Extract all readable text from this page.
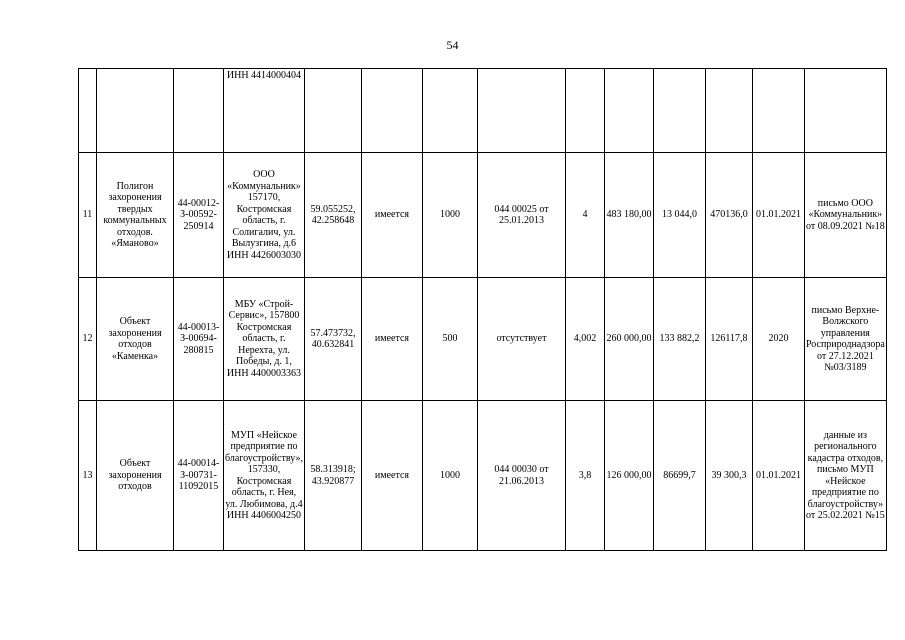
54
			ИНН 4414000404										
11	Полигон захоронения твердых коммунальных отходов. «Ямановo»	44-00012-З-00592-250914	ООО «Коммунальник» 157170, Костромская область, г. Солигалич, ул. Вылузгина, д.6 ИНН 4426003030	59.055252, 42.258648	имеется	1000	044 00025 от 25.01.2013	4	483 180,00	13 044,0	470136,0	01.01.2021	письмо ООО «Коммунальник» от 08.09.2021 №18
12	Объект захоронения отходов «Каменка»	44-00013-З-00694-280815	МБУ «Строй-Сервис», 157800 Костромская область, г. Нерехта, ул. Победы, д. 1, ИНН 4400003363	57.473732, 40.632841	имеется	500	отсутствует	4,002	260 000,00	133 882,2	126117,8	2020	письмо Верхне-Волжского управления Росприроднадзора от 27.12.2021 №03/3189
13	Объект захоронения отходов	44-00014-З-00731-11092015	МУП «Нейское предприятие по благоустройству», 157330, Костромская область, г. Нея, ул. Любимова, д.4 ИНН 4406004250	58.313918; 43.920877	имеется	1000	044 00030 от 21.06.2013	3,8	126 000,00	86699,7	39 300,3	01.01.2021	данные из регионального кадастра отходов, письмо МУП «Нейское предприятие по благоустройству» от 25.02.2021 №15
